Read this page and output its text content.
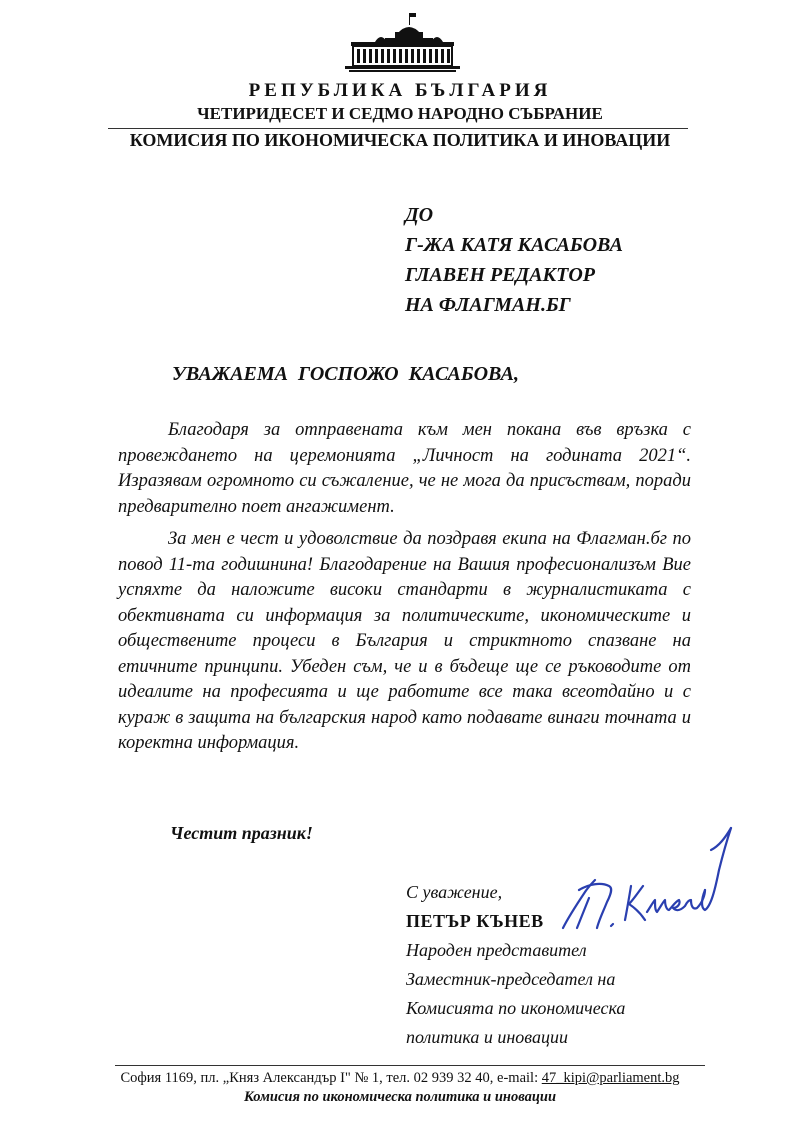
РЕПУБЛИКА БЪЛГАРИЯ

ЧЕТИРИДЕСЕТ И СЕДМО НАРОДНО СЪБРАНИЕ

КОМИСИЯ ПО ИКОНОМИЧЕСКА ПОЛИТИКА И ИНОВАЦИИ

ДО
Г-ЖА КАТЯ КАСАБОВА
ГЛАВЕН РЕДАКТОР
НА ФЛАГМАН.БГ
УВАЖАЕМА ГОСПОЖО КАСАБОВА,

Благодаря за отправената към мен покана във връзка с провеждането на церемонията „Личност на годината 2021“. Изразявам огромното си съжаление, че не мога да присъствам, поради предварително поет ангажимент.

За мен е чест и удоволствие да поздравя екипа на Флагман.бг по повод 11-та годишнина! Благодарение на Вашия професионализъм Вие успяхте да наложите високи стандарти в журналистиката с обективната си информация за политическите, икономическите и обществените процеси в България и стриктното спазване на етичните принципи. Убеден съм, че и в бъдеще ще се ръководите от идеалите на професията и ще работите все така всеотдайно и с кураж в защита на българския народ като подавате винаги точната и коректна информация.

Честит празник!
С уважение,
ПЕТЪР КЪНЕВ
Народен представител
Заместник-председател на
Комисията по икономическа
политика и иновации
София 1169, пл. „Княз Александър I" № 1, тел. 02 939 32 40, e-mail: 47_kipi@parliament.bg
Комисия по икономическа политика и иновации
